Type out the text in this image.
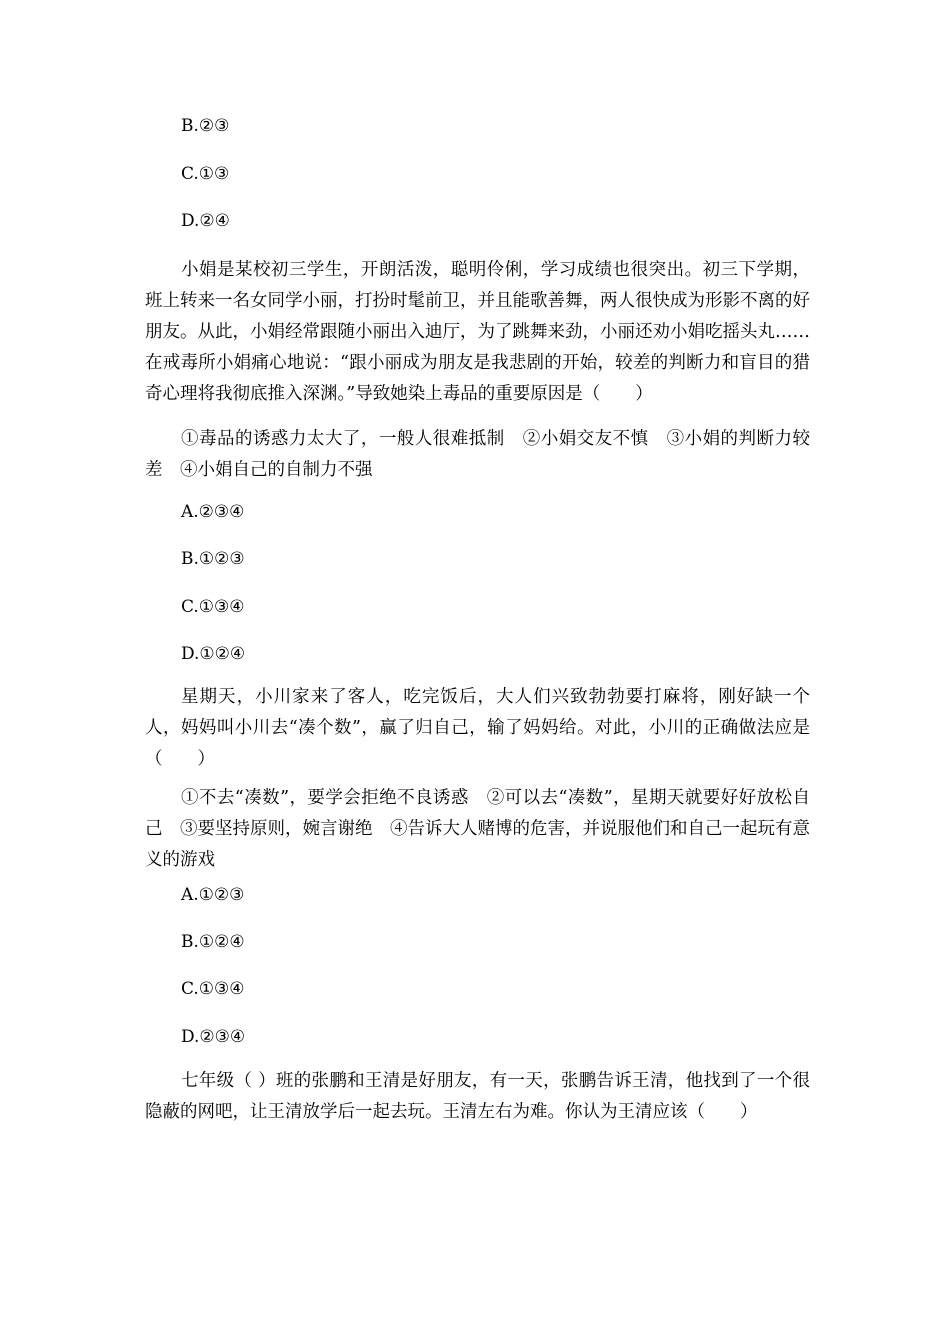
B.②③
C.①③
D.②④
小娟是某校初三学生，开朗活泼，聪明伶俐，学习成绩也很突出。初三下学期，班上转来一名女同学小丽，打扮时髦前卫，并且能歌善舞，两人很快成为形影不离的好朋友。从此，小娟经常跟随小丽出入迪厅，为了跳舞来劲，小丽还劝小娟吃摇头丸……在戒毒所小娟痛心地说：“跟小丽成为朋友是我悲剧的开始，较差的判断力和盲目的猎奇心理将我彻底推入深渊。”导致她染上毒品的重要原因是（　　）
①毒品的诱惑力太大了，一般人很难抵制　②小娟交友不慎　③小娟的判断力较差　④小娟自己的自制力不强
A.②③④
B.①②③
C.①③④
D.①②④
星期天，小川家来了客人，吃完饭后，大人们兴致勃勃要打麻将，刚好缺一个人，妈妈叫小川去“凑个数”，赢了归自己，输了妈妈给。对此，小川的正确做法应是（　　）
①不去“凑数”，要学会拒绝不良诱惑　②可以去“凑数”，星期天就要好好放松自己　③要坚持原则，婉言谢绝　④告诉大人赌博的危害，并说服他们和自己一起玩有意义的游戏
A.①②③
B.①②④
C.①③④
D.②③④
七年级（ ）班的张鹏和王清是好朋友，有一天，张鹏告诉王清，他找到了一个很隐蔽的网吧，让王清放学后一起去玩。王清左右为难。你认为王清应该（　　）
